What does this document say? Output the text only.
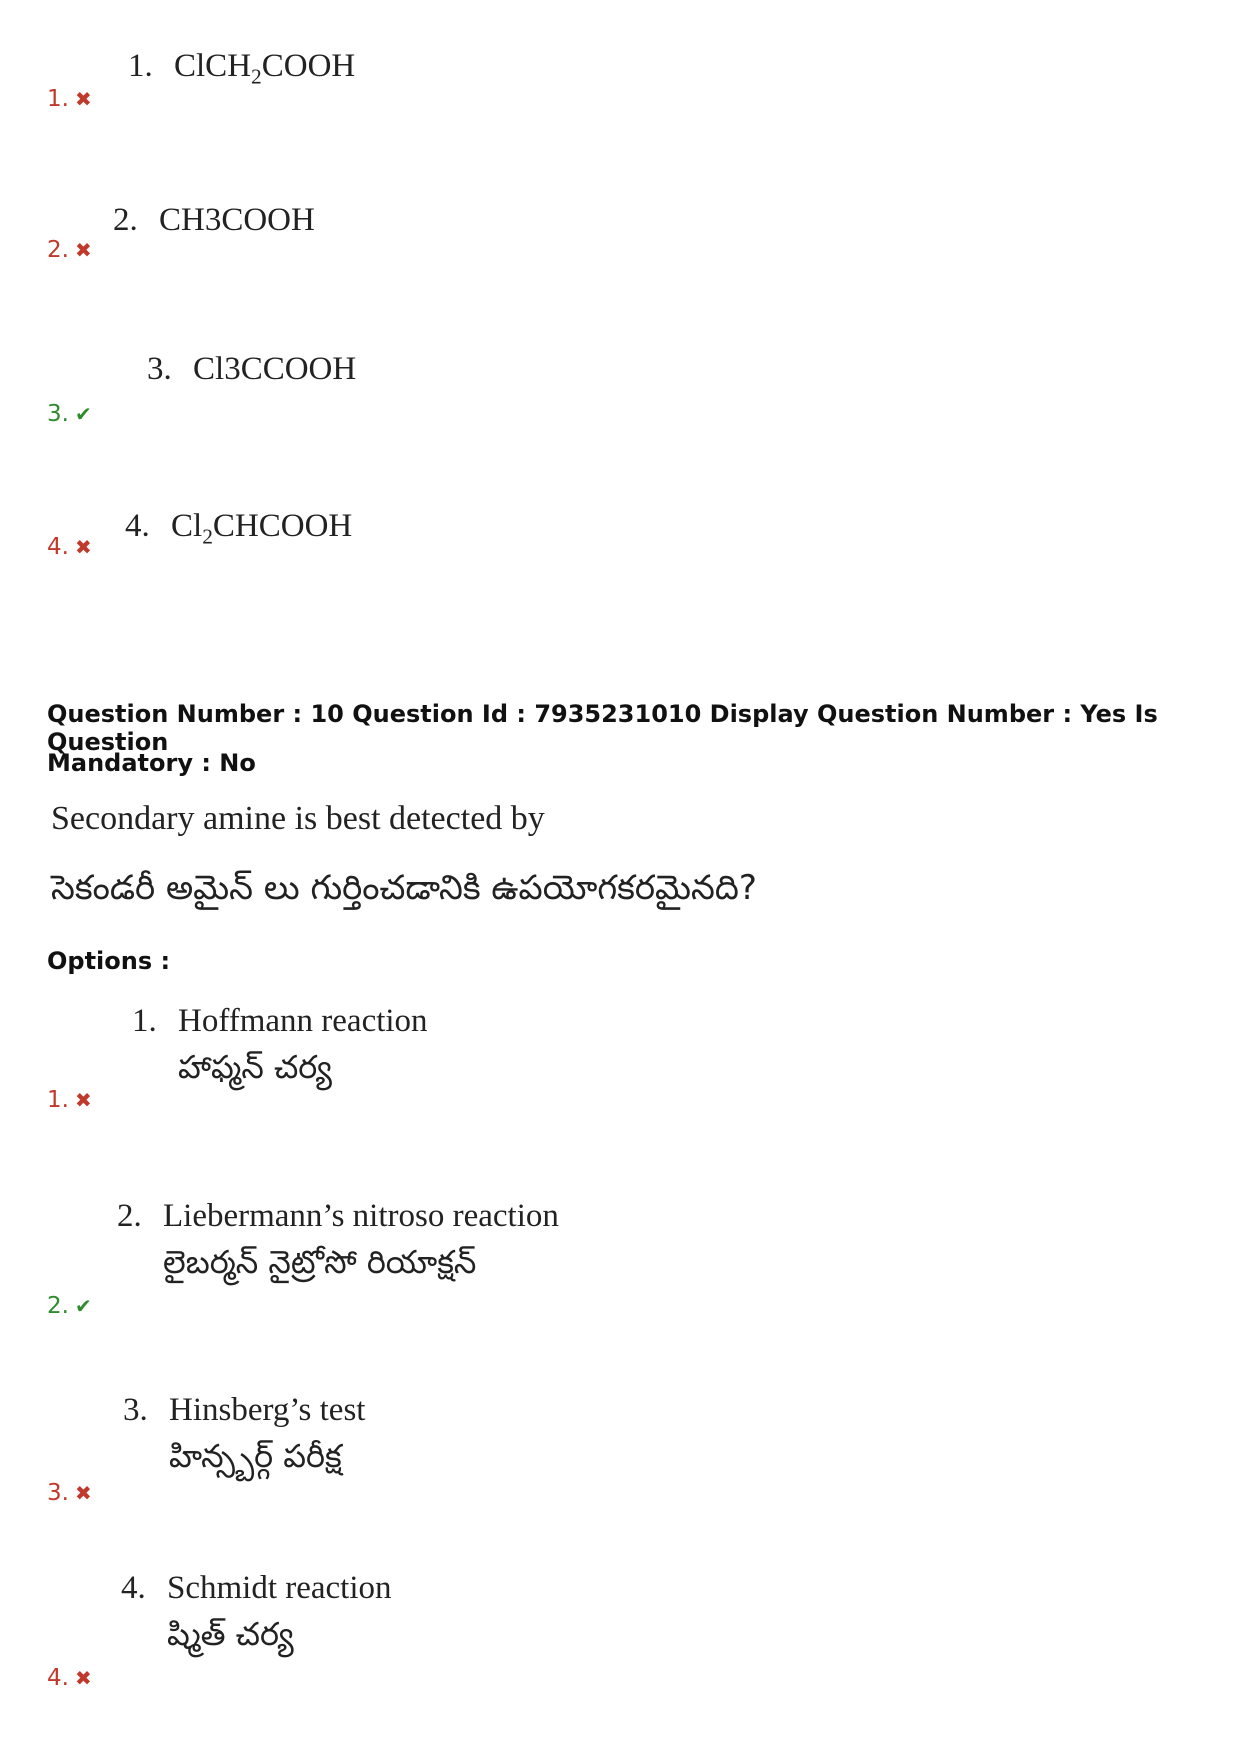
1. ClCH$_2$COOH
1. ✖
2. CH3COOH
2. ✖
3. Cl3CCOOH
3. ✔
4. $Cl_2CHCOOH$
4. ✖
Question Number : 10 Question Id : 7935231010 Display Question Number : Yes Is Question
Mandatory : No
Secondary amine is best detected by
సెకండరీ అమైన్ లు గుర్తించడానికి ఉపయోగకరమైనది?
Options :
1. Hoffmann reaction
హాఫ్మన్ చర్య
1. ✖
2. Liebermann’s nitroso reaction
లైబర్మన్ నైట్రోసో రియాక్షన్
2. ✔
3. Hinsberg’s test
హిన్స్బర్గ్ పరీక్ష
3. ✖
4. Schmidt reaction
ష్మిత్ చర్య
4. ✖
